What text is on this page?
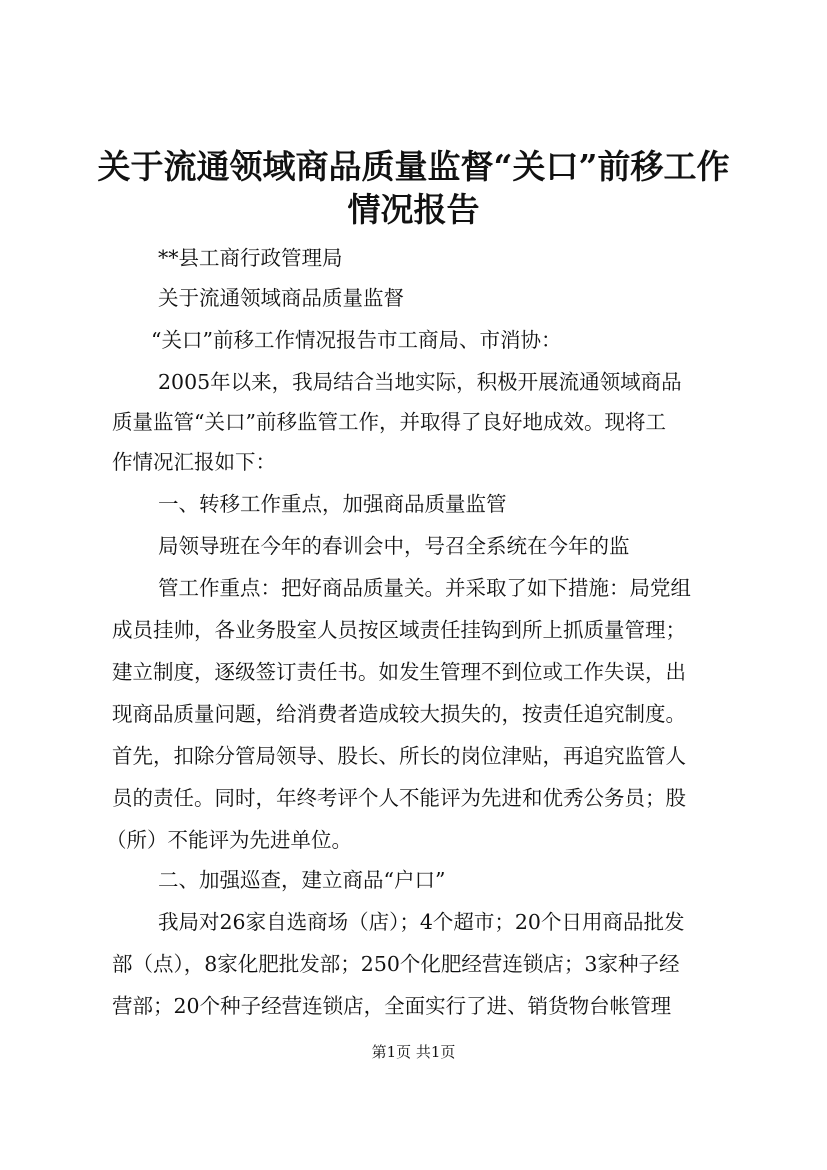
关于流通领域商品质量监督“关口”前移工作
情况报告
**县工商行政管理局
关于流通领域商品质量监督
“关口”前移工作情况报告市工商局、市消协：
2005年以来，我局结合当地实际，积极开展流通领域商品
质量监管“关口”前移监管工作，并取得了良好地成效。现将工
作情况汇报如下：
一、转移工作重点，加强商品质量监管
局领导班在今年的春训会中，号召全系统在今年的监
管工作重点：把好商品质量关。并采取了如下措施：局党组
成员挂帅，各业务股室人员按区域责任挂钩到所上抓质量管理；
建立制度，逐级签订责任书。如发生管理不到位或工作失误，出
现商品质量问题，给消费者造成较大损失的，按责任追究制度。
首先，扣除分管局领导、股长、所长的岗位津贴，再追究监管人
员的责任。同时，年终考评个人不能评为先进和优秀公务员；股
（所）不能评为先进单位。
二、加强巡查，建立商品“户口”
我局对26家自选商场（店）；4个超市；20个日用商品批发
部（点），8家化肥批发部；250个化肥经营连锁店；3家种子经
营部；20个种子经营连锁店，全面实行了进、销货物台帐管理
第1页 共1页
